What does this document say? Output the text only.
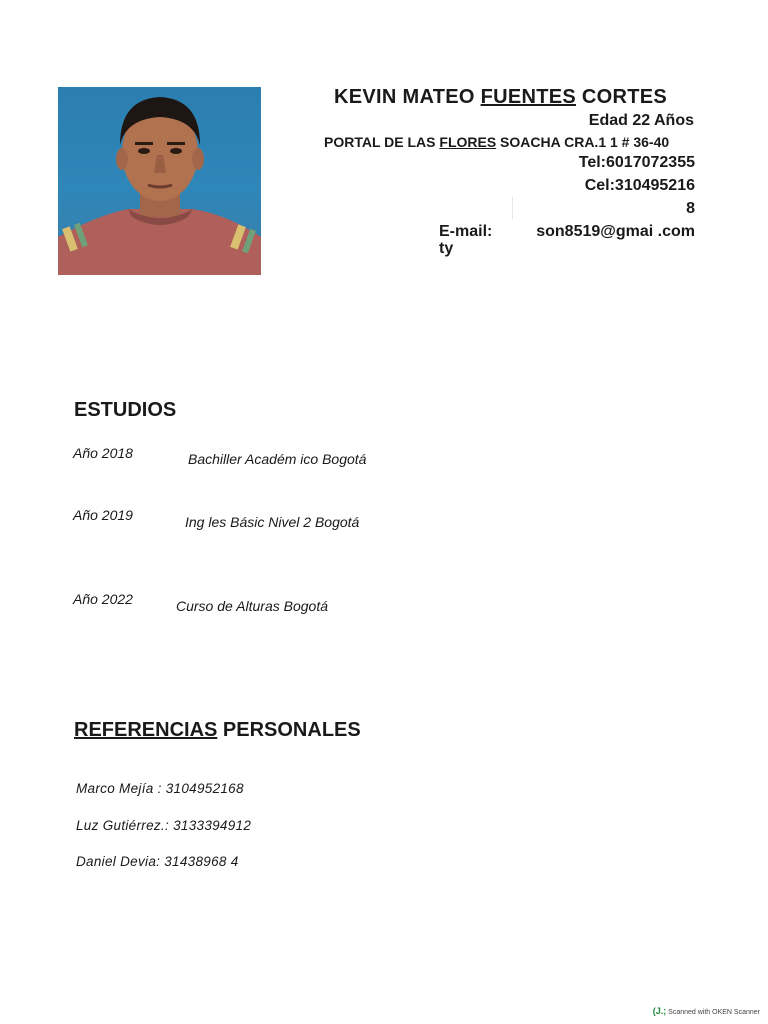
KEVIN MATEO FUENTES CORTES
Edad 22 Años
PORTAL DE LAS FLORES SOACHA CRA.1 1 # 36-40
Tel:6017072355
Cel:310495216
8
E-mail:
ty
son8519@gmai .com
ESTUDIOS
Año 2018	Bachiller Académ ico Bogotá
Año 2019	Ing les Básic Nivel 2 Bogotá
Año 2022	Curso de Alturas Bogotá
REFERENCIAS PERSONALES
Marco Mejía : 3104952168
Luz Gutiérrez.: 3133394912
Daniel Devia: 31438968 4
(J.; Scanned with OKEN Scanner
